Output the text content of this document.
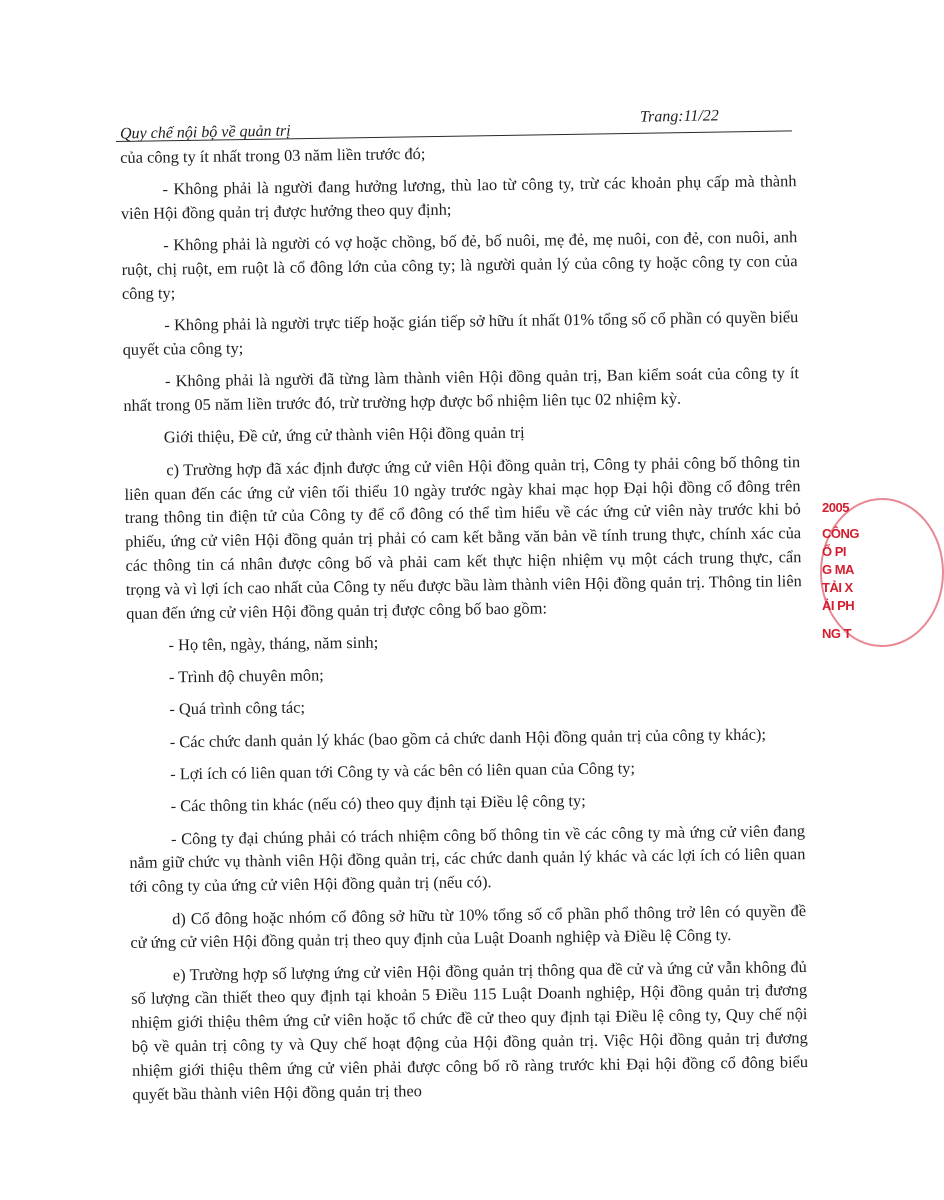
Trang:11/22
Quy chế nội bộ về quản trị

của công ty ít nhất trong 03 năm liền trước đó;

- Không phải là người đang hưởng lương, thù lao từ công ty, trừ các khoản phụ cấp mà thành viên Hội đồng quản trị được hưởng theo quy định;

- Không phải là người có vợ hoặc chồng, bố đẻ, bố nuôi, mẹ đẻ, mẹ nuôi, con đẻ, con nuôi, anh ruột, chị ruột, em ruột là cổ đông lớn của công ty; là người quản lý của công ty hoặc công ty con của công ty;

- Không phải là người trực tiếp hoặc gián tiếp sở hữu ít nhất 01% tổng số cổ phần có quyền biểu quyết của công ty;

- Không phải là người đã từng làm thành viên Hội đồng quản trị, Ban kiểm soát của công ty ít nhất trong 05 năm liền trước đó, trừ trường hợp được bổ nhiệm liên tục 02 nhiệm kỳ.

Giới thiệu, Đề cử, ứng cử thành viên Hội đồng quản trị

c) Trường hợp đã xác định được ứng cử viên Hội đồng quản trị, Công ty phải công bố thông tin liên quan đến các ứng cử viên tối thiểu 10 ngày trước ngày khai mạc họp Đại hội đồng cổ đông trên trang thông tin điện tử của Công ty để cổ đông có thể tìm hiểu về các ứng cử viên này trước khi bỏ phiếu, ứng cử viên Hội đồng quản trị phải có cam kết bằng văn bản về tính trung thực, chính xác của các thông tin cá nhân được công bố và phải cam kết thực hiện nhiệm vụ một cách trung thực, cẩn trọng và vì lợi ích cao nhất của Công ty nếu được bầu làm thành viên Hội đồng quản trị. Thông tin liên quan đến ứng cử viên Hội đồng quản trị được công bố bao gồm:

- Họ tên, ngày, tháng, năm sinh;

- Trình độ chuyên môn;

- Quá trình công tác;

- Các chức danh quản lý khác (bao gồm cả chức danh Hội đồng quản trị của công ty khác);

- Lợi ích có liên quan tới Công ty và các bên có liên quan của Công ty;

- Các thông tin khác (nếu có) theo quy định tại Điều lệ công ty;

- Công ty đại chúng phải có trách nhiệm công bố thông tin về các công ty mà ứng cử viên đang nắm giữ chức vụ thành viên Hội đồng quản trị, các chức danh quản lý khác và các lợi ích có liên quan tới công ty của ứng cử viên Hội đồng quản trị (nếu có).

d) Cổ đông hoặc nhóm cổ đông sở hữu từ 10% tổng số cổ phần phổ thông trở lên có quyền đề cử ứng cử viên Hội đồng quản trị theo quy định của Luật Doanh nghiệp và Điều lệ Công ty.

e) Trường hợp số lượng ứng cử viên Hội đồng quản trị thông qua đề cử và ứng cử vẫn không đủ số lượng cần thiết theo quy định tại khoản 5 Điều 115 Luật Doanh nghiệp, Hội đồng quản trị đương nhiệm giới thiệu thêm ứng cử viên hoặc tổ chức đề cử theo quy định tại Điều lệ công ty, Quy chế nội bộ về quản trị công ty và Quy chế hoạt động của Hội đồng quản trị. Việc Hội đồng quản trị đương nhiệm giới thiệu thêm ứng cử viên phải được công bố rõ ràng trước khi Đại hội đồng cổ đông biểu quyết bầu thành viên Hội đồng quản trị theo

2005
CÔNG
Ổ PI
G MA
TẢI X
ẢI PH
NG T
